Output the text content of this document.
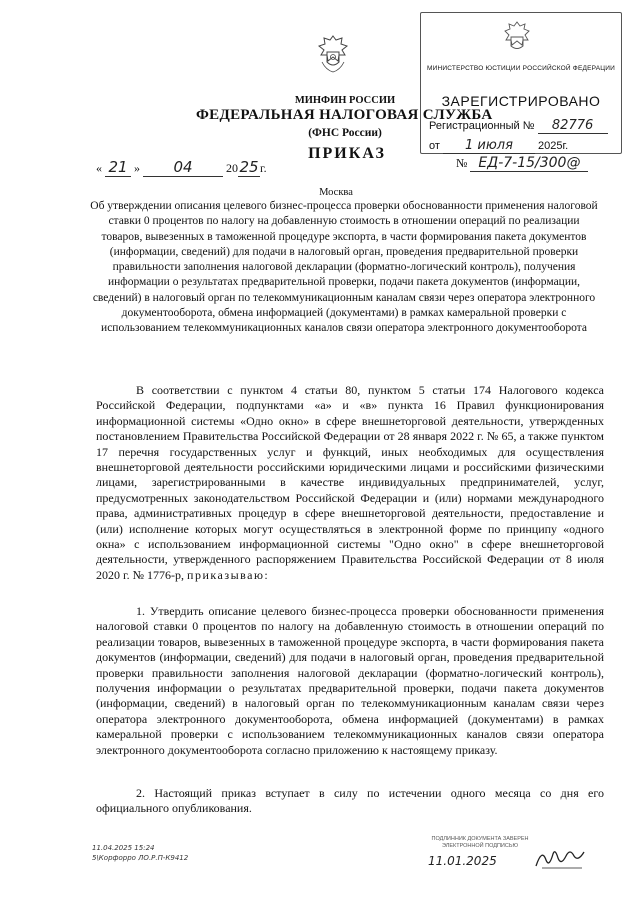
МИНФИН РОССИИ
ФЕДЕРАЛЬНАЯ НАЛОГОВАЯ СЛУЖБА
(ФНС России)
ПРИКАЗ
« 21 » 04	2025г.	№ ЕД-7-15/300@
Москва
Об утверждении описания целевого бизнес-процесса проверки обоснованности применения налоговой ставки 0 процентов по налогу на добавленную стоимость в отношении операций по реализации товаров, вывезенных в таможенной процедуре экспорта, в части формирования пакета документов (информации, сведений) для подачи в налоговый орган, проведения предварительной проверки правильности заполнения налоговой декларации (форматно-логический контроль), получения информации о результатах предварительной проверки, подачи пакета документов (информации, сведений) в налоговый орган по телекоммуникационным каналам связи через оператора электронного документооборота, обмена информацией (документами) в рамках камеральной проверки с использованием телекоммуникационных каналов связи оператора электронного документооборота

В соответствии с пунктом 4 статьи 80, пунктом 5 статьи 174 Налогового кодекса Российской Федерации, подпунктами «а» и «в» пункта 16 Правил функционирования информационной системы «Одно окно» в сфере внешнеторговой деятельности, утвержденных постановлением Правительства Российской Федерации от 28 января 2022 г. № 65, а также пунктом 17 перечня государственных услуг и функций, иных необходимых для осуществления внешнеторговой деятельности российскими юридическими лицами и российскими физическими лицами, зарегистрированными в качестве индивидуальных предпринимателей, услуг, предусмотренных законодательством Российской Федерации и (или) нормами международного права, административных процедур в сфере внешнеторговой деятельности, предоставление и (или) исполнение которых могут осуществляться в электронной форме по принципу «одного окна» с использованием информационной системы "Одно окно" в сфере внешнеторговой деятельности, утвержденного распоряжением Правительства Российской Федерации от 8 июля 2020 г. № 1776-р, приказываю:

1. Утвердить описание целевого бизнес-процесса проверки обоснованности применения налоговой ставки 0 процентов по налогу на добавленную стоимость в отношении операций по реализации товаров, вывезенных в таможенной процедуре экспорта, в части формирования пакета документов (информации, сведений) для подачи в налоговый орган, проведения предварительной проверки правильности заполнения налоговой декларации (форматно-логический контроль), получения информации о результатах предварительной проверки, подачи пакета документов (информации, сведений) в налоговый орган по телекоммуникационным каналам связи через оператора электронного документооборота, обмена информацией (документами) в рамках камеральной проверки с использованием телекоммуникационных каналов связи оператора электронного документооборота согласно приложению к настоящему приказу.

2. Настоящий приказ вступает в силу по истечении одного месяца со дня его официального опубликования.

МИНИСТЕРСТВО ЮСТИЦИИ РОССИЙСКОЙ ФЕДЕРАЦИИ
ЗАРЕГИСТРИРОВАНО
Регистрационный № 82776
от 1 июля 2025г.
11.04.2025 15:24
5\Корфорро ЛО.Р.П-К9412
ПОДЛИННИК ДОКУМЕНТА ЗАВЕРЕН ЭЛЕКТРОННОЙ ПОДПИСЬЮ
11.01.2025
